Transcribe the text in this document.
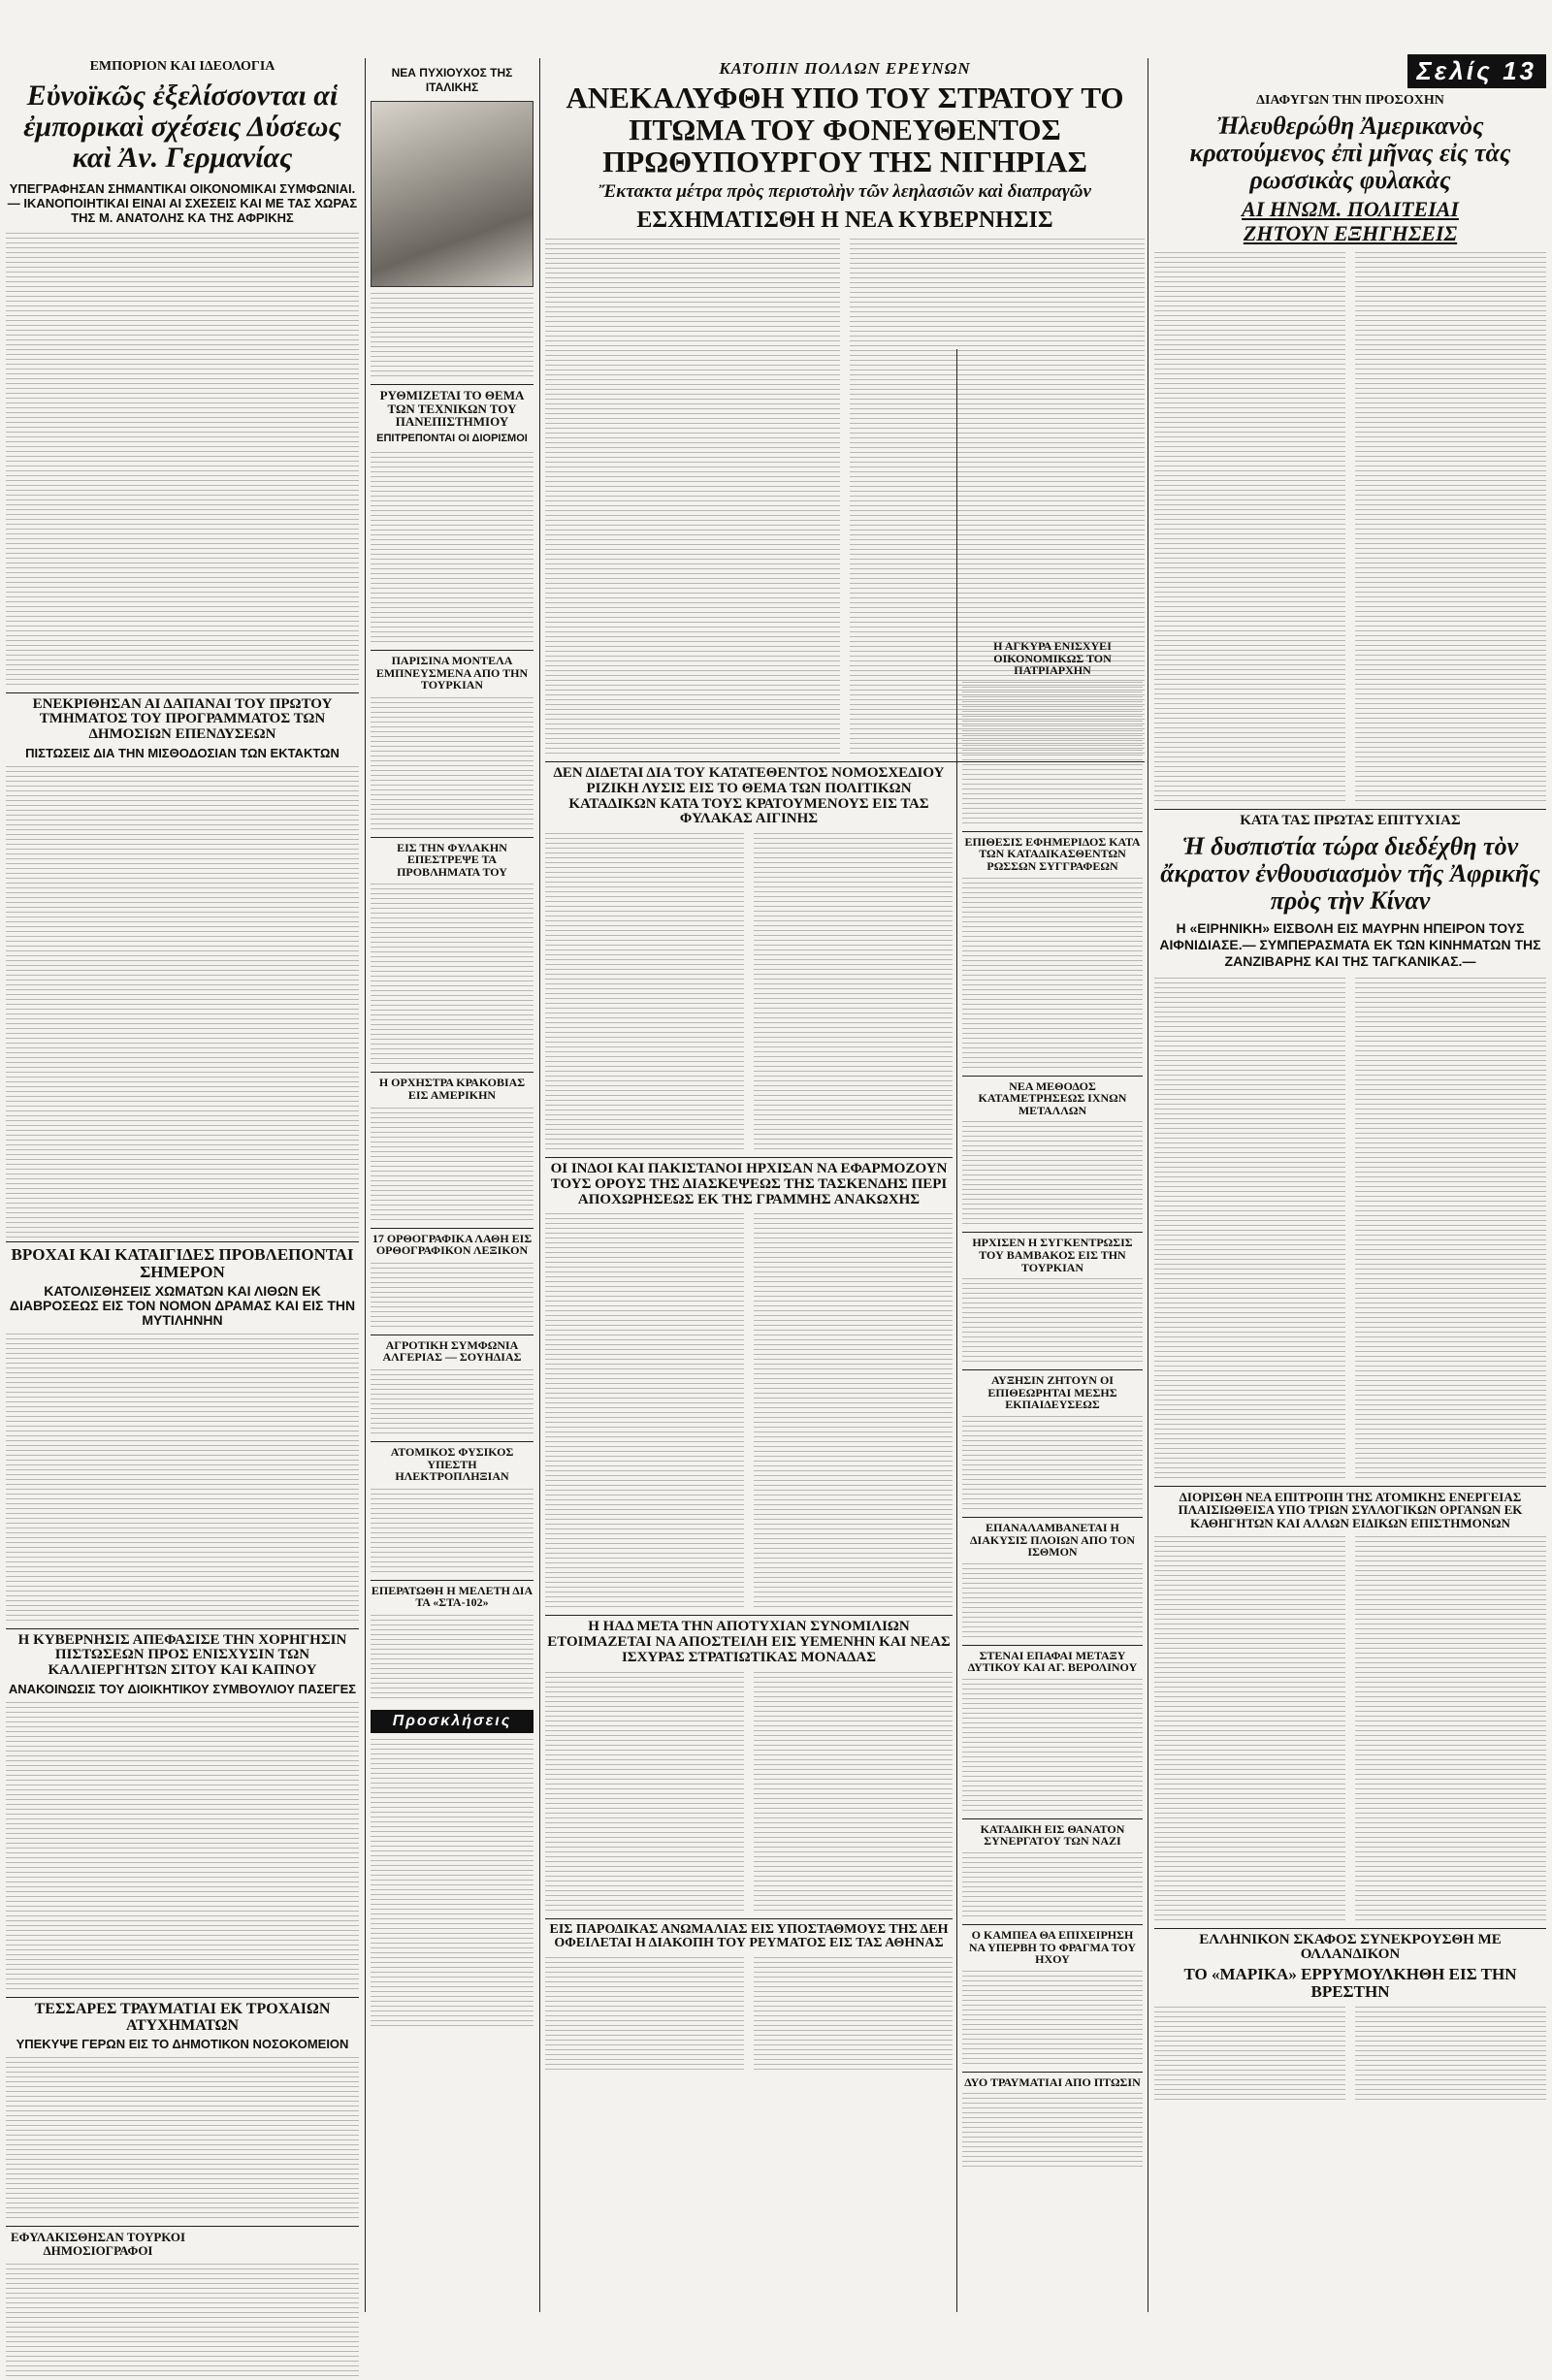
ΕΜΠΟΡΙΟΝ ΚΑΙ ΙΔΕΟΛΟΓΙΑ
Εὐνοϊκῶς ἐξελίσσονται αἱ ἐμπορικαὶ σχέσεις Δύσεως καὶ Ἀν. Γερμανίας
ΥΠΕΓΡΑΦΗΣΑΝ ΣΗΜΑΝΤΙΚΑΙ ΟΙΚΟΝΟΜΙΚΑΙ ΣΥΜΦΩΝΙΑΙ.— ΙΚΑΝΟΠΟΙΗΤΙΚΑΙ ΕΙΝΑΙ ΑΙ ΣΧΕΣΕΙΣ ΚΑΙ ΜΕ ΤΑΣ ΧΩΡΑΣ ΤΗΣ Μ. ΑΝΑΤΟΛΗΣ ΚΑ ΤΗΣ ΑΦΡΙΚΗΣ
ΕΝΕΚΡΙΘΗΣΑΝ ΑΙ ΔΑΠΑΝΑΙ ΤΟΥ ΠΡΩΤΟΥ ΤΜΗΜΑΤΟΣ ΤΟΥ ΠΡΟΓΡΑΜΜΑΤΟΣ ΤΩΝ ΔΗΜΟΣΙΩΝ ΕΠΕΝΔΥΣΕΩΝ
ΠΙΣΤΩΣΕΙΣ ΔΙΑ ΤΗΝ ΜΙΣΘΟΔΟΣΙΑΝ ΤΩΝ ΕΚΤΑΚΤΩΝ
ΒΡΟΧΑΙ ΚΑΙ ΚΑΤΑΙΓΙΔΕΣ ΠΡΟΒΛΕΠΟΝΤΑΙ ΣΗΜΕΡΟΝ
ΚΑΤΟΛΙΣΘΗΣΕΙΣ ΧΩΜΑΤΩΝ ΚΑΙ ΛΙΘΩΝ ΕΚ ΔΙΑΒΡΟΣΕΩΣ ΕΙΣ ΤΟΝ ΝΟΜΟΝ ΔΡΑΜΑΣ ΚΑΙ ΕΙΣ ΤΗΝ ΜΥΤΙΛΗΝΗΝ
Η ΚΥΒΕΡΝΗΣΙΣ ΑΠΕΦΑΣΙΣΕ ΤΗΝ ΧΟΡΗΓΗΣΙΝ ΠΙΣΤΩΣΕΩΝ ΠΡΟΣ ΕΝΙΣΧΥΣΙΝ ΤΩΝ ΚΑΛΛΙΕΡΓΗΤΩΝ ΣΙΤΟΥ ΚΑΙ ΚΑΠΝΟΥ
ΑΝΑΚΟΙΝΩΣΙΣ ΤΟΥ ΔΙΟΙΚΗΤΙΚΟΥ ΣΥΜΒΟΥΛΙΟΥ ΠΑΣΕΓΕΣ
ΤΕΣΣΑΡΕΣ ΤΡΑΥΜΑΤΙΑΙ ΕΚ ΤΡΟΧΑΙΩΝ ΑΤΥΧΗΜΑΤΩΝ
ΥΠΕΚΥΨΕ ΓΕΡΩΝ ΕΙΣ ΤΟ ΔΗΜΟΤΙΚΟΝ ΝΟΣΟΚΟΜΕΙΟΝ
ΕΦΥΛΑΚΙΣΘΗΣΑΝ ΤΟΥΡΚΟΙ ΔΗΜΟΣΙΟΓΡΑΦΟΙ
ΝΕΑ ΠΥΧΙΟΥΧΟΣ ΤΗΣ ΙΤΑΛΙΚΗΣ
ΡΥΘΜΙΖΕΤΑΙ ΤΟ ΘΕΜΑ ΤΩΝ ΤΕΧΝΙΚΩΝ ΤΟΥ ΠΑΝΕΠΙΣΤΗΜΙΟΥ
ΕΠΙΤΡΕΠΟΝΤΑΙ ΟΙ ΔΙΟΡΙΣΜΟΙ
ΠΑΡΙΣΙΝΑ ΜΟΝΤΕΛΑ ΕΜΠΝΕΥΣΜΕΝΑ ΑΠΟ ΤΗΝ ΤΟΥΡΚΙΑΝ
ΕΙΣ ΤΗΝ ΦΥΛΑΚΗΝ ΕΠΕΣΤΡΕΨΕ ΤΑ ΠΡΟΒΛΗΜΑΤΑ ΤΟΥ
Η ΟΡΧΗΣΤΡΑ ΚΡΑΚΟΒΙΑΣ ΕΙΣ ΑΜΕΡΙΚΗΝ
17 ΟΡΘΟΓΡΑΦΙΚΑ ΛΑΘΗ ΕΙΣ ΟΡΘΟΓΡΑΦΙΚΟΝ ΛΕΞΙΚΟΝ
ΑΓΡΟΤΙΚΗ ΣΥΜΦΩΝΙΑ ΑΛΓΕΡΙΑΣ — ΣΟΥΗΔΙΑΣ
ΑΤΟΜΙΚΟΣ ΦΥΣΙΚΟΣ ΥΠΕΣΤΗ ΗΛΕΚΤΡΟΠΛΗΞΙΑΝ
ΕΠΕΡΑΤΩΘΗ Η ΜΕΛΕΤΗ ΔΙΑ ΤΑ «ΣΤΑ-102»
Προσκλήσεις
ΚΑΤΟΠΙΝ ΠΟΛΛΩΝ ΕΡΕΥΝΩΝ
ΑΝΕΚΑΛΥΦΘΗ ΥΠΟ ΤΟΥ ΣΤΡΑΤΟΥ ΤΟ ΠΤΩΜΑ ΤΟΥ ΦΟΝΕΥΘΕΝΤΟΣ ΠΡΩΘΥΠΟΥΡΓΟΥ ΤΗΣ ΝΙΓΗΡΙΑΣ
Ἔκτακτα μέτρα πρὸς περιστολὴν τῶν λεηλασιῶν καὶ διαπραγῶν
ΕΣΧΗΜΑΤΙΣΘΗ Η ΝΕΑ ΚΥΒΕΡΝΗΣΙΣ
ΔΕΝ ΔΙΔΕΤΑΙ ΔΙΑ ΤΟΥ ΚΑΤΑΤΕΘΕΝΤΟΣ ΝΟΜΟΣΧΕΔΙΟΥ ΡΙΖΙΚΗ ΛΥΣΙΣ ΕΙΣ ΤΟ ΘΕΜΑ ΤΩΝ ΠΟΛΙΤΙΚΩΝ ΚΑΤΑΔΙΚΩΝ ΚΑΤΑ ΤΟΥΣ ΚΡΑΤΟΥΜΕΝΟΥΣ ΕΙΣ ΤΑΣ ΦΥΛΑΚΑΣ ΑΙΓΙΝΗΣ
ΟΙ ΙΝΔΟΙ ΚΑΙ ΠΑΚΙΣΤΑΝΟΙ ΗΡΧΙΣΑΝ ΝΑ ΕΦΑΡΜΟΖΟΥΝ ΤΟΥΣ ΟΡΟΥΣ ΤΗΣ ΔΙΑΣΚΕΨΕΩΣ ΤΗΣ ΤΑΣΚΕΝΔΗΣ ΠΕΡΙ ΑΠΟΧΩΡΗΣΕΩΣ ΕΚ ΤΗΣ ΓΡΑΜΜΗΣ ΑΝΑΚΩΧΗΣ
Η ΗΑΔ ΜΕΤΑ ΤΗΝ ΑΠΟΤΥΧΙΑΝ ΣΥΝΟΜΙΛΙΩΝ ΕΤΟΙΜΑΖΕΤΑΙ ΝΑ ΑΠΟΣΤΕΙΛΗ ΕΙΣ ΥΕΜΕΝΗΝ ΚΑΙ ΝΕΑΣ ΙΣΧΥΡΑΣ ΣΤΡΑΤΙΩΤΙΚΑΣ ΜΟΝΑΔΑΣ
ΕΙΣ ΠΑΡΟΔΙΚΑΣ ΑΝΩΜΑΛΙΑΣ ΕΙΣ ΥΠΟΣΤΑΘΜΟΥΣ ΤΗΣ ΔΕΗ ΟΦΕΙΛΕΤΑΙ Η ΔΙΑΚΟΠΗ ΤΟΥ ΡΕΥΜΑΤΟΣ ΕΙΣ ΤΑΣ ΑΘΗΝΑΣ
Η ΑΓΚΥΡΑ ΕΝΙΣΧΥΕΙ ΟΙΚΟΝΟΜΙΚΩΣ ΤΟΝ ΠΑΤΡΙΑΡΧΗΝ
ΕΠΙΘΕΣΙΣ ΕΦΗΜΕΡΙΔΟΣ ΚΑΤΑ ΤΩΝ ΚΑΤΑΔΙΚΑΣΘΕΝΤΩΝ ΡΩΣΣΩΝ ΣΥΓΓΡΑΦΕΩΝ
ΝΕΑ ΜΕΘΟΔΟΣ ΚΑΤΑΜΕΤΡΗΣΕΩΣ ΙΧΝΩΝ ΜΕΤΑΛΛΩΝ
ΗΡΧΙΣΕΝ Η ΣΥΓΚΕΝΤΡΩΣΙΣ ΤΟΥ ΒΑΜΒΑΚΟΣ ΕΙΣ ΤΗΝ ΤΟΥΡΚΙΑΝ
ΑΥΞΗΣΙΝ ΖΗΤΟΥΝ ΟΙ ΕΠΙΘΕΩΡΗΤΑΙ ΜΕΣΗΣ ΕΚΠΑΙΔΕΥΣΕΩΣ
ΕΠΑΝΑΛΑΜΒΑΝΕΤΑΙ Η ΔΙΑΚΥΣΙΣ ΠΛΟΙΩΝ ΑΠΟ ΤΟΝ ΙΣΘΜΟΝ
ΣΤΕΝΑΙ ΕΠΑΦΑΙ ΜΕΤΑΞΥ ΔΥΤΙΚΟΥ ΚΑΙ ΑΓ. ΒΕΡΟΛΙΝΟΥ
ΚΑΤΑΔΙΚΗ ΕΙΣ ΘΑΝΑΤΟΝ ΣΥΝΕΡΓΑΤΟΥ ΤΩΝ ΝΑΖΙ
Ο ΚΑΜΠΕΑ ΘΑ ΕΠΙΧΕΙΡΗΣΗ ΝΑ ΥΠΕΡΒΗ ΤΟ ΦΡΑΓΜΑ ΤΟΥ ΗΧΟΥ
ΔΥΟ ΤΡΑΥΜΑΤΙΑΙ ΑΠΟ ΠΤΩΣΙΝ
Σελίς 13
ΔΙΑΦΥΓΩΝ ΤΗΝ ΠΡΟΣΟΧΗΝ
Ἠλευθερώθη Ἀμερικανὸς κρατούμενος ἐπὶ μῆνας εἰς τὰς ρωσσικὰς φυλακὰς
ΑΙ ΗΝΩΜ. ΠΟΛΙΤΕΙΑΙ
ΖΗΤΟΥΝ ΕΞΗΓΗΣΕΙΣ
ΚΑΤΑ ΤΑΣ ΠΡΩΤΑΣ ΕΠΙΤΥΧΙΑΣ
Ἡ δυσπιστία τώρα διεδέχθη τὸν ἄκρατον ἐνθουσιασμὸν τῆς Ἀφρικῆς πρὸς τὴν Κίναν
Η «ΕΙΡΗΝΙΚΗ» ΕΙΣΒΟΛΗ ΕΙΣ ΜΑΥΡΗΝ ΗΠΕΙΡΟΝ ΤΟΥΣ ΑΙΦΝΙΔΙΑΣΕ.— ΣΥΜΠΕΡΑΣΜΑΤΑ ΕΚ ΤΩΝ ΚΙΝΗΜΑΤΩΝ ΤΗΣ ΖΑΝΖΙΒΑΡΗΣ ΚΑΙ ΤΗΣ ΤΑΓΚΑΝΙΚΑΣ.—
ΔΙΟΡΙΣΘΗ ΝΕΑ ΕΠΙΤΡΟΠΗ ΤΗΣ ΑΤΟΜΙΚΗΣ ΕΝΕΡΓΕΙΑΣ ΠΛΑΙΣΙΩΘΕΙΣΑ ΥΠΟ ΤΡΙΩΝ ΣΥΛΛΟΓΙΚΩΝ ΟΡΓΑΝΩΝ ΕΚ ΚΑΘΗΓΗΤΩΝ ΚΑΙ ΑΛΛΩΝ ΕΙΔΙΚΩΝ ΕΠΙΣΤΗΜΟΝΩΝ
ΕΛΛΗΝΙΚΟΝ ΣΚΑΦΟΣ ΣΥΝΕΚΡΟΥΣΘΗ ΜΕ ΟΛΛΑΝΔΙΚΟΝ
ΤΟ «ΜΑΡΙΚΑ» ΕΡΡΥΜΟΥΛΚΗΘΗ ΕΙΣ ΤΗΝ ΒΡΕΣΤΗΝ
